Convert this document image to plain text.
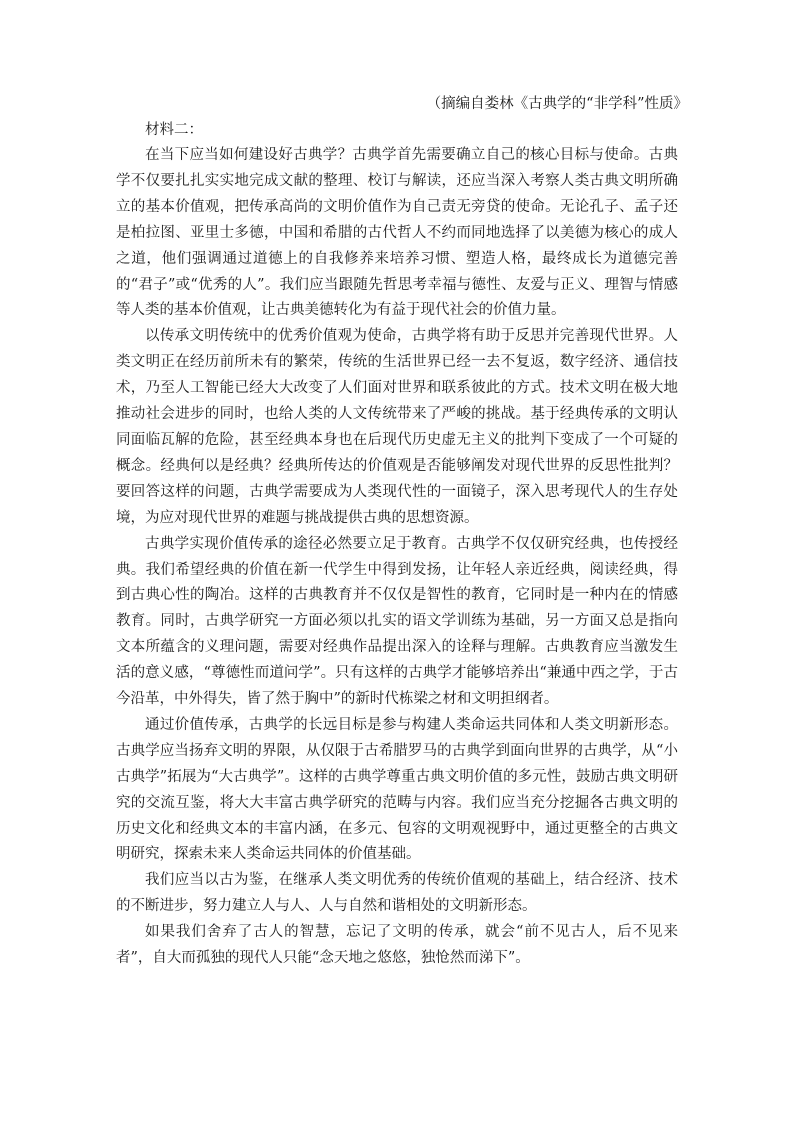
（摘编自娄林《古典学的“非学科”性质》
材料二：

在当下应当如何建设好古典学？古典学首先需要确立自己的核心目标与使命。古典学不仅要扎扎实实地完成文献的整理、校订与解读，还应当深入考察人类古典文明所确立的基本价值观，把传承高尚的文明价值作为自己责无旁贷的使命。无论孔子、孟子还是柏拉图、亚里士多德，中国和希腊的古代哲人不约而同地选择了以美德为核心的成人之道，他们强调通过道德上的自我修养来培养习惯、塑造人格，最终成长为道德完善的“君子”或“优秀的人”。我们应当跟随先哲思考幸福与德性、友爱与正义、理智与情感等人类的基本价值观，让古典美德转化为有益于现代社会的价值力量。

以传承文明传统中的优秀价值观为使命，古典学将有助于反思并完善现代世界。人类文明正在经历前所未有的繁荣，传统的生活世界已经一去不复返，数字经济、通信技术，乃至人工智能已经大大改变了人们面对世界和联系彼此的方式。技术文明在极大地推动社会进步的同时，也给人类的人文传统带来了严峻的挑战。基于经典传承的文明认同面临瓦解的危险，甚至经典本身也在后现代历史虚无主义的批判下变成了一个可疑的概念。经典何以是经典？经典所传达的价值观是否能够阐发对现代世界的反思性批判？要回答这样的问题，古典学需要成为人类现代性的一面镜子，深入思考现代人的生存处境，为应对现代世界的难题与挑战提供古典的思想资源。

古典学实现价值传承的途径必然要立足于教育。古典学不仅仅研究经典，也传授经典。我们希望经典的价值在新一代学生中得到发扬，让年轻人亲近经典，阅读经典，得到古典心性的陶冶。这样的古典教育并不仅仅是智性的教育，它同时是一种内在的情感教育。同时，古典学研究一方面必须以扎实的语文学训练为基础，另一方面又总是指向文本所蕴含的义理问题，需要对经典作品提出深入的诠释与理解。古典教育应当激发生活的意义感，“尊德性而道问学”。只有这样的古典学才能够培养出“兼通中西之学，于古今沿革，中外得失，皆了然于胸中”的新时代栋梁之材和文明担纲者。

通过价值传承，古典学的长远目标是参与构建人类命运共同体和人类文明新形态。古典学应当扬弃文明的界限，从仅限于古希腊罗马的古典学到面向世界的古典学，从“小古典学”拓展为“大古典学”。这样的古典学尊重古典文明价值的多元性，鼓励古典文明研究的交流互鉴，将大大丰富古典学研究的范畴与内容。我们应当充分挖掘各古典文明的历史文化和经典文本的丰富内涵，在多元、包容的文明观视野中，通过更整全的古典文明研究，探索未来人类命运共同体的价值基础。

我们应当以古为鉴，在继承人类文明优秀的传统价值观的基础上，结合经济、技术的不断进步，努力建立人与人、人与自然和谐相处的文明新形态。

如果我们舍弃了古人的智慧，忘记了文明的传承，就会“前不见古人，后不见来者”，自大而孤独的现代人只能“念天地之悠悠，独怆然而涕下”。
